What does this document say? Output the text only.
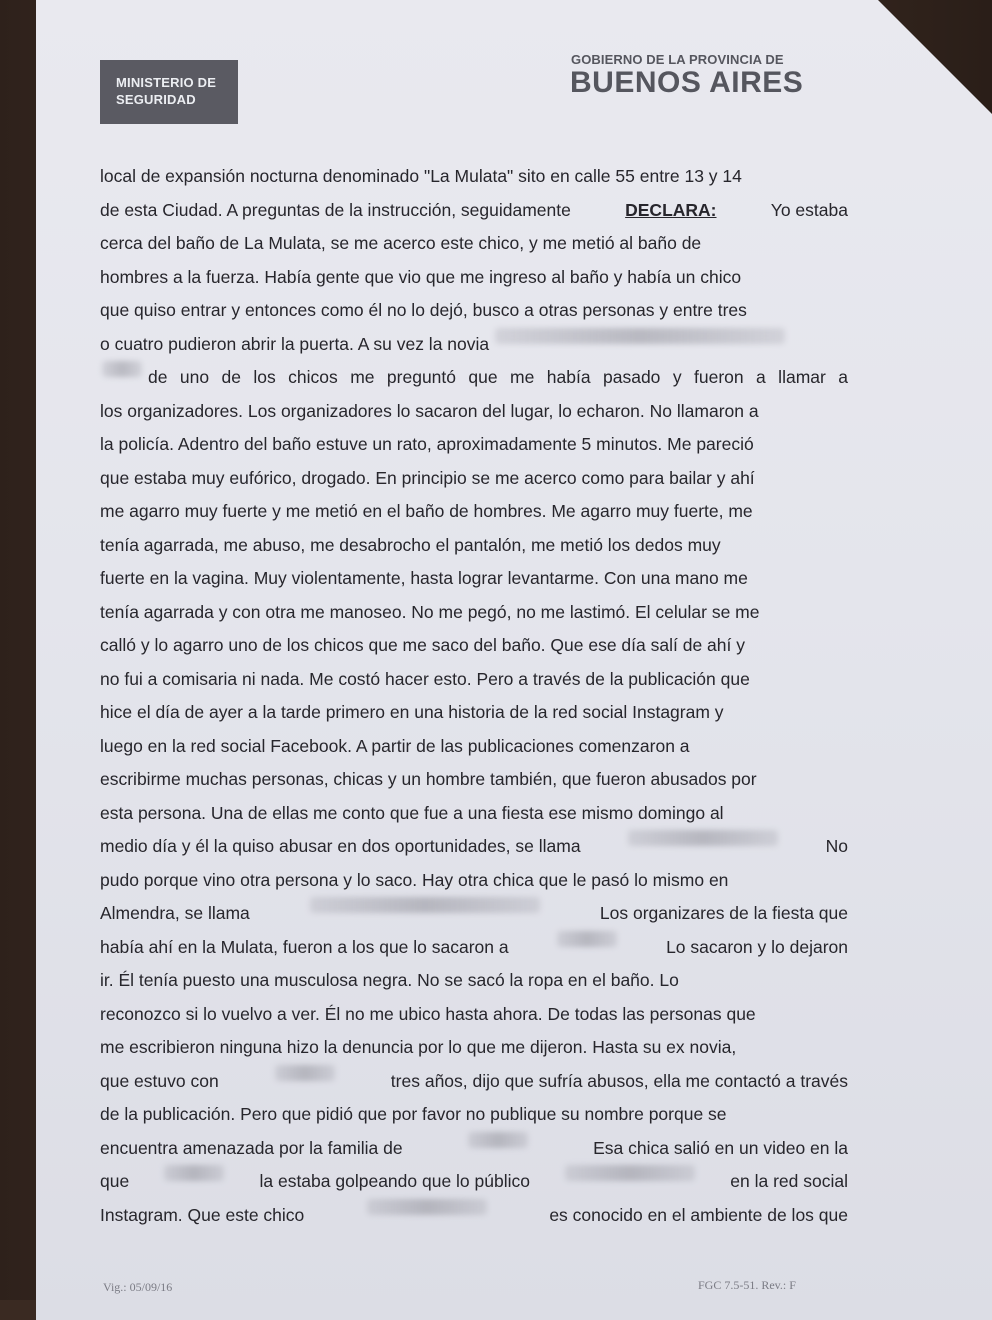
MINISTERIO DE
SEGURIDAD
GOBIERNO DE LA PROVINCIA DE
BUENOS AIRES
local de expansión nocturna denominado "La Mulata" sito en calle 55 entre 13 y 14
de esta Ciudad. A preguntas de la instrucción, seguidamente	DECLARA:	Yo estaba
cerca del baño de La Mulata, se me acerco este chico, y me metió al baño de
hombres a la fuerza. Había gente que vio que me ingreso al baño y había un chico
que quiso entrar y entonces como él no lo dejó, busco a otras personas y entre tres
o cuatro pudieron abrir la puerta. A su vez la novia
de uno de los chicos me preguntó que me había pasado y fueron a llamar a
los organizadores. Los organizadores lo sacaron del lugar, lo echaron. No llamaron a
la policía. Adentro del baño estuve un rato, aproximadamente 5 minutos. Me pareció
que estaba muy eufórico, drogado. En principio se me acerco como para bailar y ahí
me agarro muy fuerte y me metió en el baño de hombres. Me agarro muy fuerte, me
tenía agarrada, me abuso, me desabrocho el pantalón, me metió los dedos muy
fuerte en la vagina. Muy violentamente, hasta lograr levantarme. Con una mano me
tenía agarrada y con otra me manoseo. No me pegó, no me lastimó. El celular se me
calló y lo agarro uno de los chicos que me saco del baño. Que ese día salí de ahí y
no fui a comisaria ni nada. Me costó hacer esto. Pero a través de la publicación que
hice el día de ayer a la tarde primero en una historia de la red social Instagram y
luego en la red social Facebook. A partir de las publicaciones comenzaron a
escribirme muchas personas, chicas y un hombre también, que fueron abusados por
esta persona. Una de ellas me conto que fue a una fiesta ese mismo domingo al
medio día y él la quiso abusar en dos oportunidades, se llama	No
pudo porque vino otra persona y lo saco. Hay otra chica que le pasó lo mismo en
Almendra, se llama	Los organizares de la fiesta que
había ahí en la Mulata, fueron a los que lo sacaron a	Lo sacaron y lo dejaron
ir. Él tenía puesto una musculosa negra. No se sacó la ropa en el baño. Lo
reconozco si lo vuelvo a ver. Él no me ubico hasta ahora. De todas las personas que
me escribieron ninguna hizo la denuncia por lo que me dijeron. Hasta su ex novia,
que estuvo con	tres años, dijo que sufría abusos, ella me contactó a través
de la publicación. Pero que pidió que por favor no publique su nombre porque se
encuentra amenazada por la familia de	Esa chica salió en un video en la
que	la estaba golpeando que lo público	en la red social
Instagram. Que este chico	es conocido en el ambiente de los que
Vig.: 05/09/16	FGC 7.5-51. Rev.: F
